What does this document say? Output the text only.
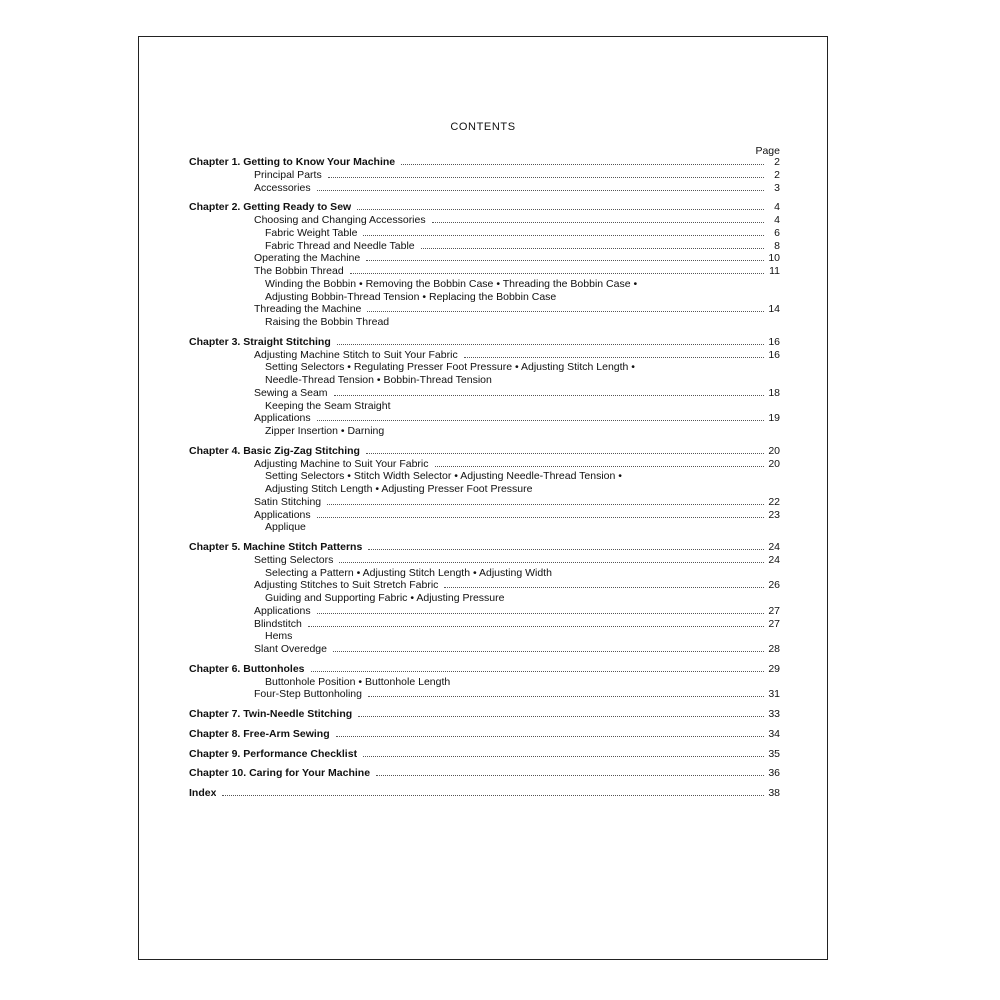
CONTENTS
Page
Chapter 1. Getting to Know Your Machine	2
Principal Parts	2
Accessories	3
Chapter 2. Getting Ready to Sew	4
Choosing and Changing Accessories	4
Fabric Weight Table	6
Fabric Thread and Needle Table	8
Operating the Machine	10
The Bobbin Thread	11
Winding the Bobbin • Removing the Bobbin Case • Threading the Bobbin Case •
Adjusting Bobbin-Thread Tension • Replacing the Bobbin Case
Threading the Machine	14
Raising the Bobbin Thread
Chapter 3. Straight Stitching	16
Adjusting Machine Stitch to Suit Your Fabric	16
Setting Selectors • Regulating Presser Foot Pressure • Adjusting Stitch Length •
Needle-Thread Tension • Bobbin-Thread Tension
Sewing a Seam	18
Keeping the Seam Straight
Applications	19
Zipper Insertion • Darning
Chapter 4. Basic Zig-Zag Stitching	20
Adjusting Machine to Suit Your Fabric	20
Setting Selectors • Stitch Width Selector • Adjusting Needle-Thread Tension •
Adjusting Stitch Length • Adjusting Presser Foot Pressure
Satin Stitching	22
Applications	23
Applique
Chapter 5. Machine Stitch Patterns	24
Setting Selectors	24
Selecting a Pattern • Adjusting Stitch Length • Adjusting Width
Adjusting Stitches to Suit Stretch Fabric	26
Guiding and Supporting Fabric • Adjusting Pressure
Applications	27
Blindstitch	27
Hems
Slant Overedge	28
Chapter 6. Buttonholes	29
Buttonhole Position • Buttonhole Length
Four-Step Buttonholing	31
Chapter 7. Twin-Needle Stitching	33
Chapter 8. Free-Arm Sewing	34
Chapter 9. Performance Checklist	35
Chapter 10. Caring for Your Machine	36
Index	38
